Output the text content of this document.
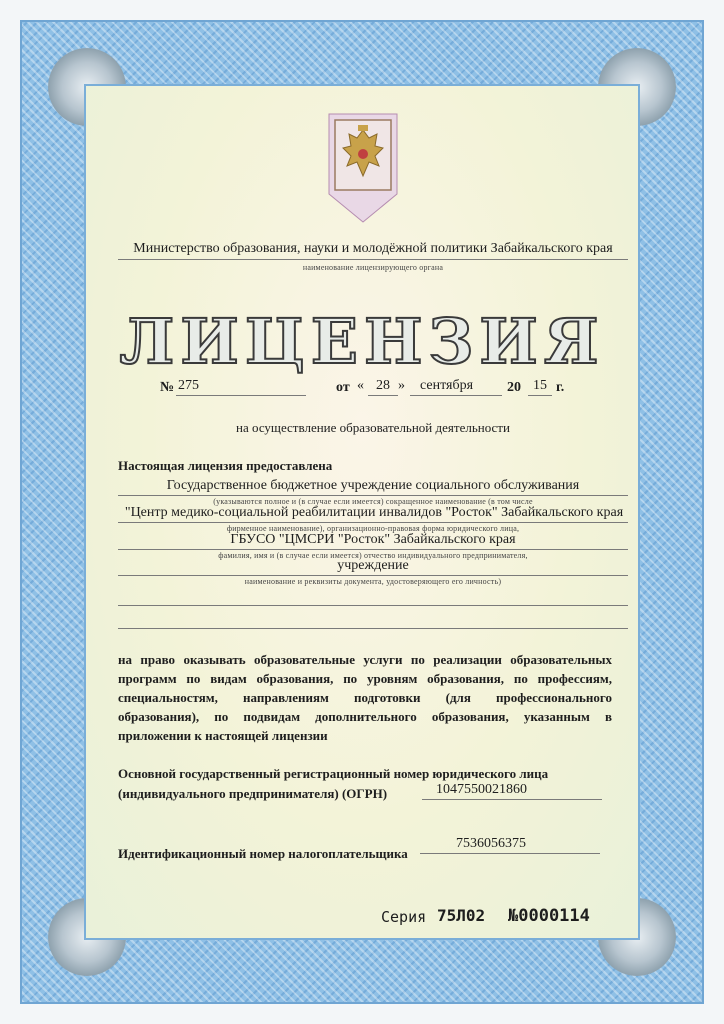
Министерство образования, науки и молодёжной политики Забайкальского края
наименование лицензирующего органа
ЛИЦЕНЗИЯ
№ 275	от « 28 » сентября 20 15 г.
на осуществление образовательной деятельности
Настоящая лицензия предоставлена
Государственное бюджетное учреждение социального обслуживания
(указываются полное и (в случае если имеется) сокращенное наименование (в том числе
"Центр медико-социальной реабилитации инвалидов "Росток" Забайкальского края
фирменное наименование), организационно-правовая форма юридического лица,
ГБУСО "ЦМСРИ "Росток" Забайкальского края
фамилия, имя и (в случае если имеется) отчество индивидуального предпринимателя,
учреждение
наименование и реквизиты документа, удостоверяющего его личность)
на право оказывать образовательные услуги по реализации образовательных
программ по видам образования, по уровням образования, по профессиям,
специальностям, направлениям подготовки (для профессионального
образования), по подвидам дополнительного образования, указанным в
приложении к настоящей лицензии
Основной государственный регистрационный номер юридического лица
(индивидуального предпринимателя) (ОГРН)	1047550021860
Идентификационный номер налогоплательщика
7536056375
Серия 75Л02 №0000114
